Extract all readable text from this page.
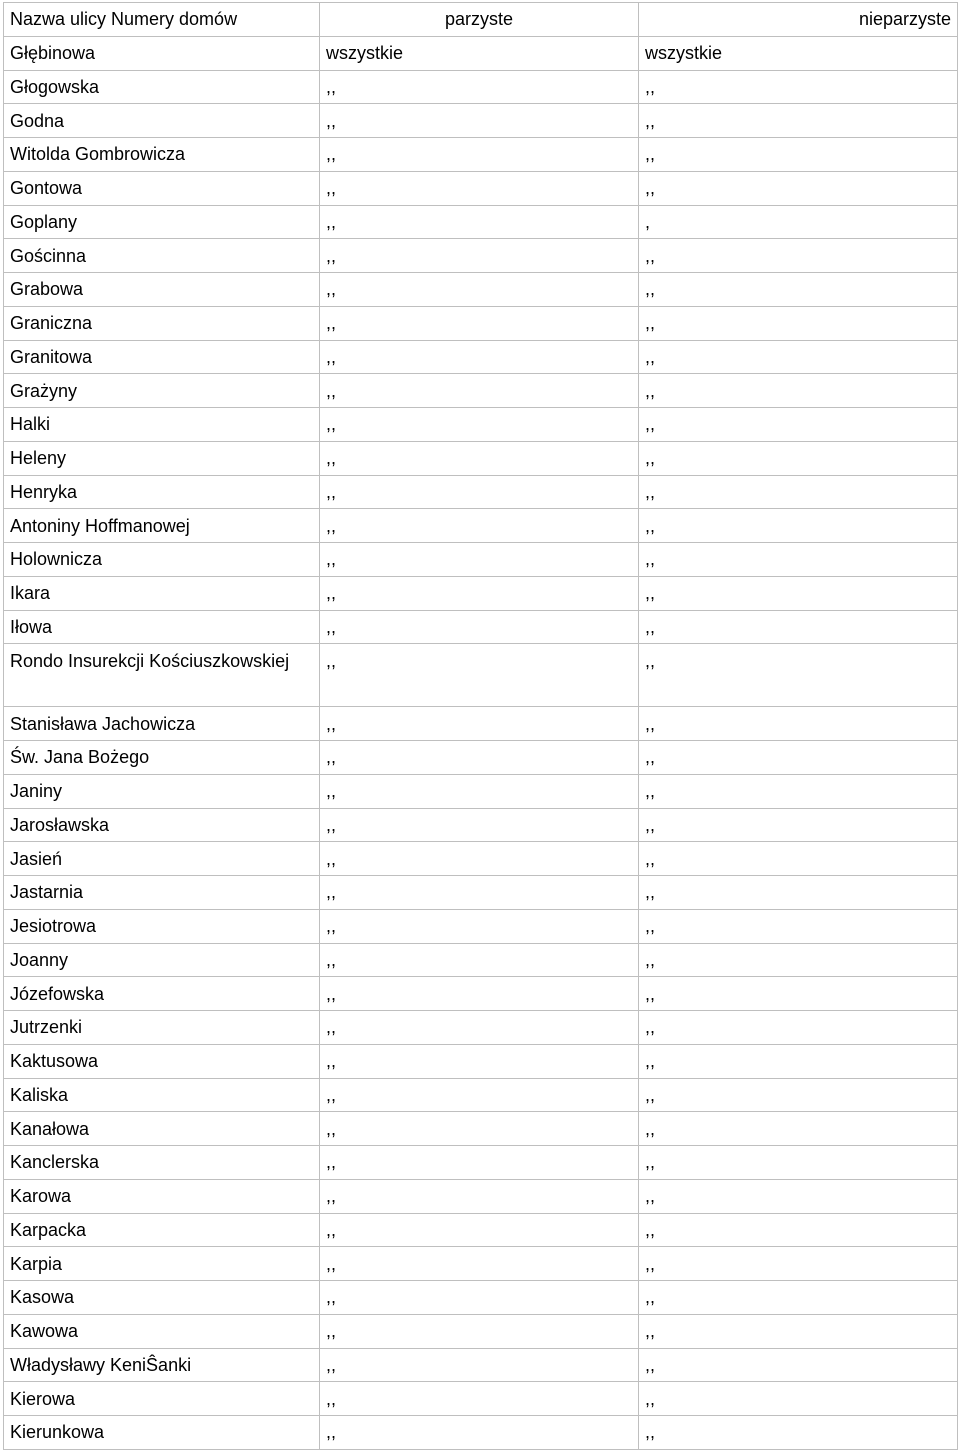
Nazwa ulicy Numery domów	parzyste	nieparzyste
Głębinowa	wszystkie	wszystkie
Głogowska	,,	,,
Godna	,,	,,
Witolda Gombrowicza	,,	,,
Gontowa	,,	,,
Goplany	,,	,
Gościnna	,,	,,
Grabowa	,,	,,
Graniczna	,,	,,
Granitowa	,,	,,
Grażyny	,,	,,
Halki	,,	,,
Heleny	,,	,,
Henryka	,,	,,
Antoniny Hoffmanowej	,,	,,
Holownicza	,,	,,
Ikara	,,	,,
Iłowa	,,	,,
Rondo Insurekcji Kościuszkowskiej	,,	,,
Stanisława Jachowicza	,,	,,
Św. Jana Bożego	,,	,,
Janiny	,,	,,
Jarosławska	,,	,,
Jasień	,,	,,
Jastarnia	,,	,,
Jesiotrowa	,,	,,
Joanny	,,	,,
Józefowska	,,	,,
Jutrzenki	,,	,,
Kaktusowa	,,	,,
Kaliska	,,	,,
Kanałowa	,,	,,
Kanclerska	,,	,,
Karowa	,,	,,
Karpacka	,,	,,
Karpia	,,	,,
Kasowa	,,	,,
Kawowa	,,	,,
Władysławy KeniŜanki	,,	,,
Kierowa	,,	,,
Kierunkowa	,,	,,
